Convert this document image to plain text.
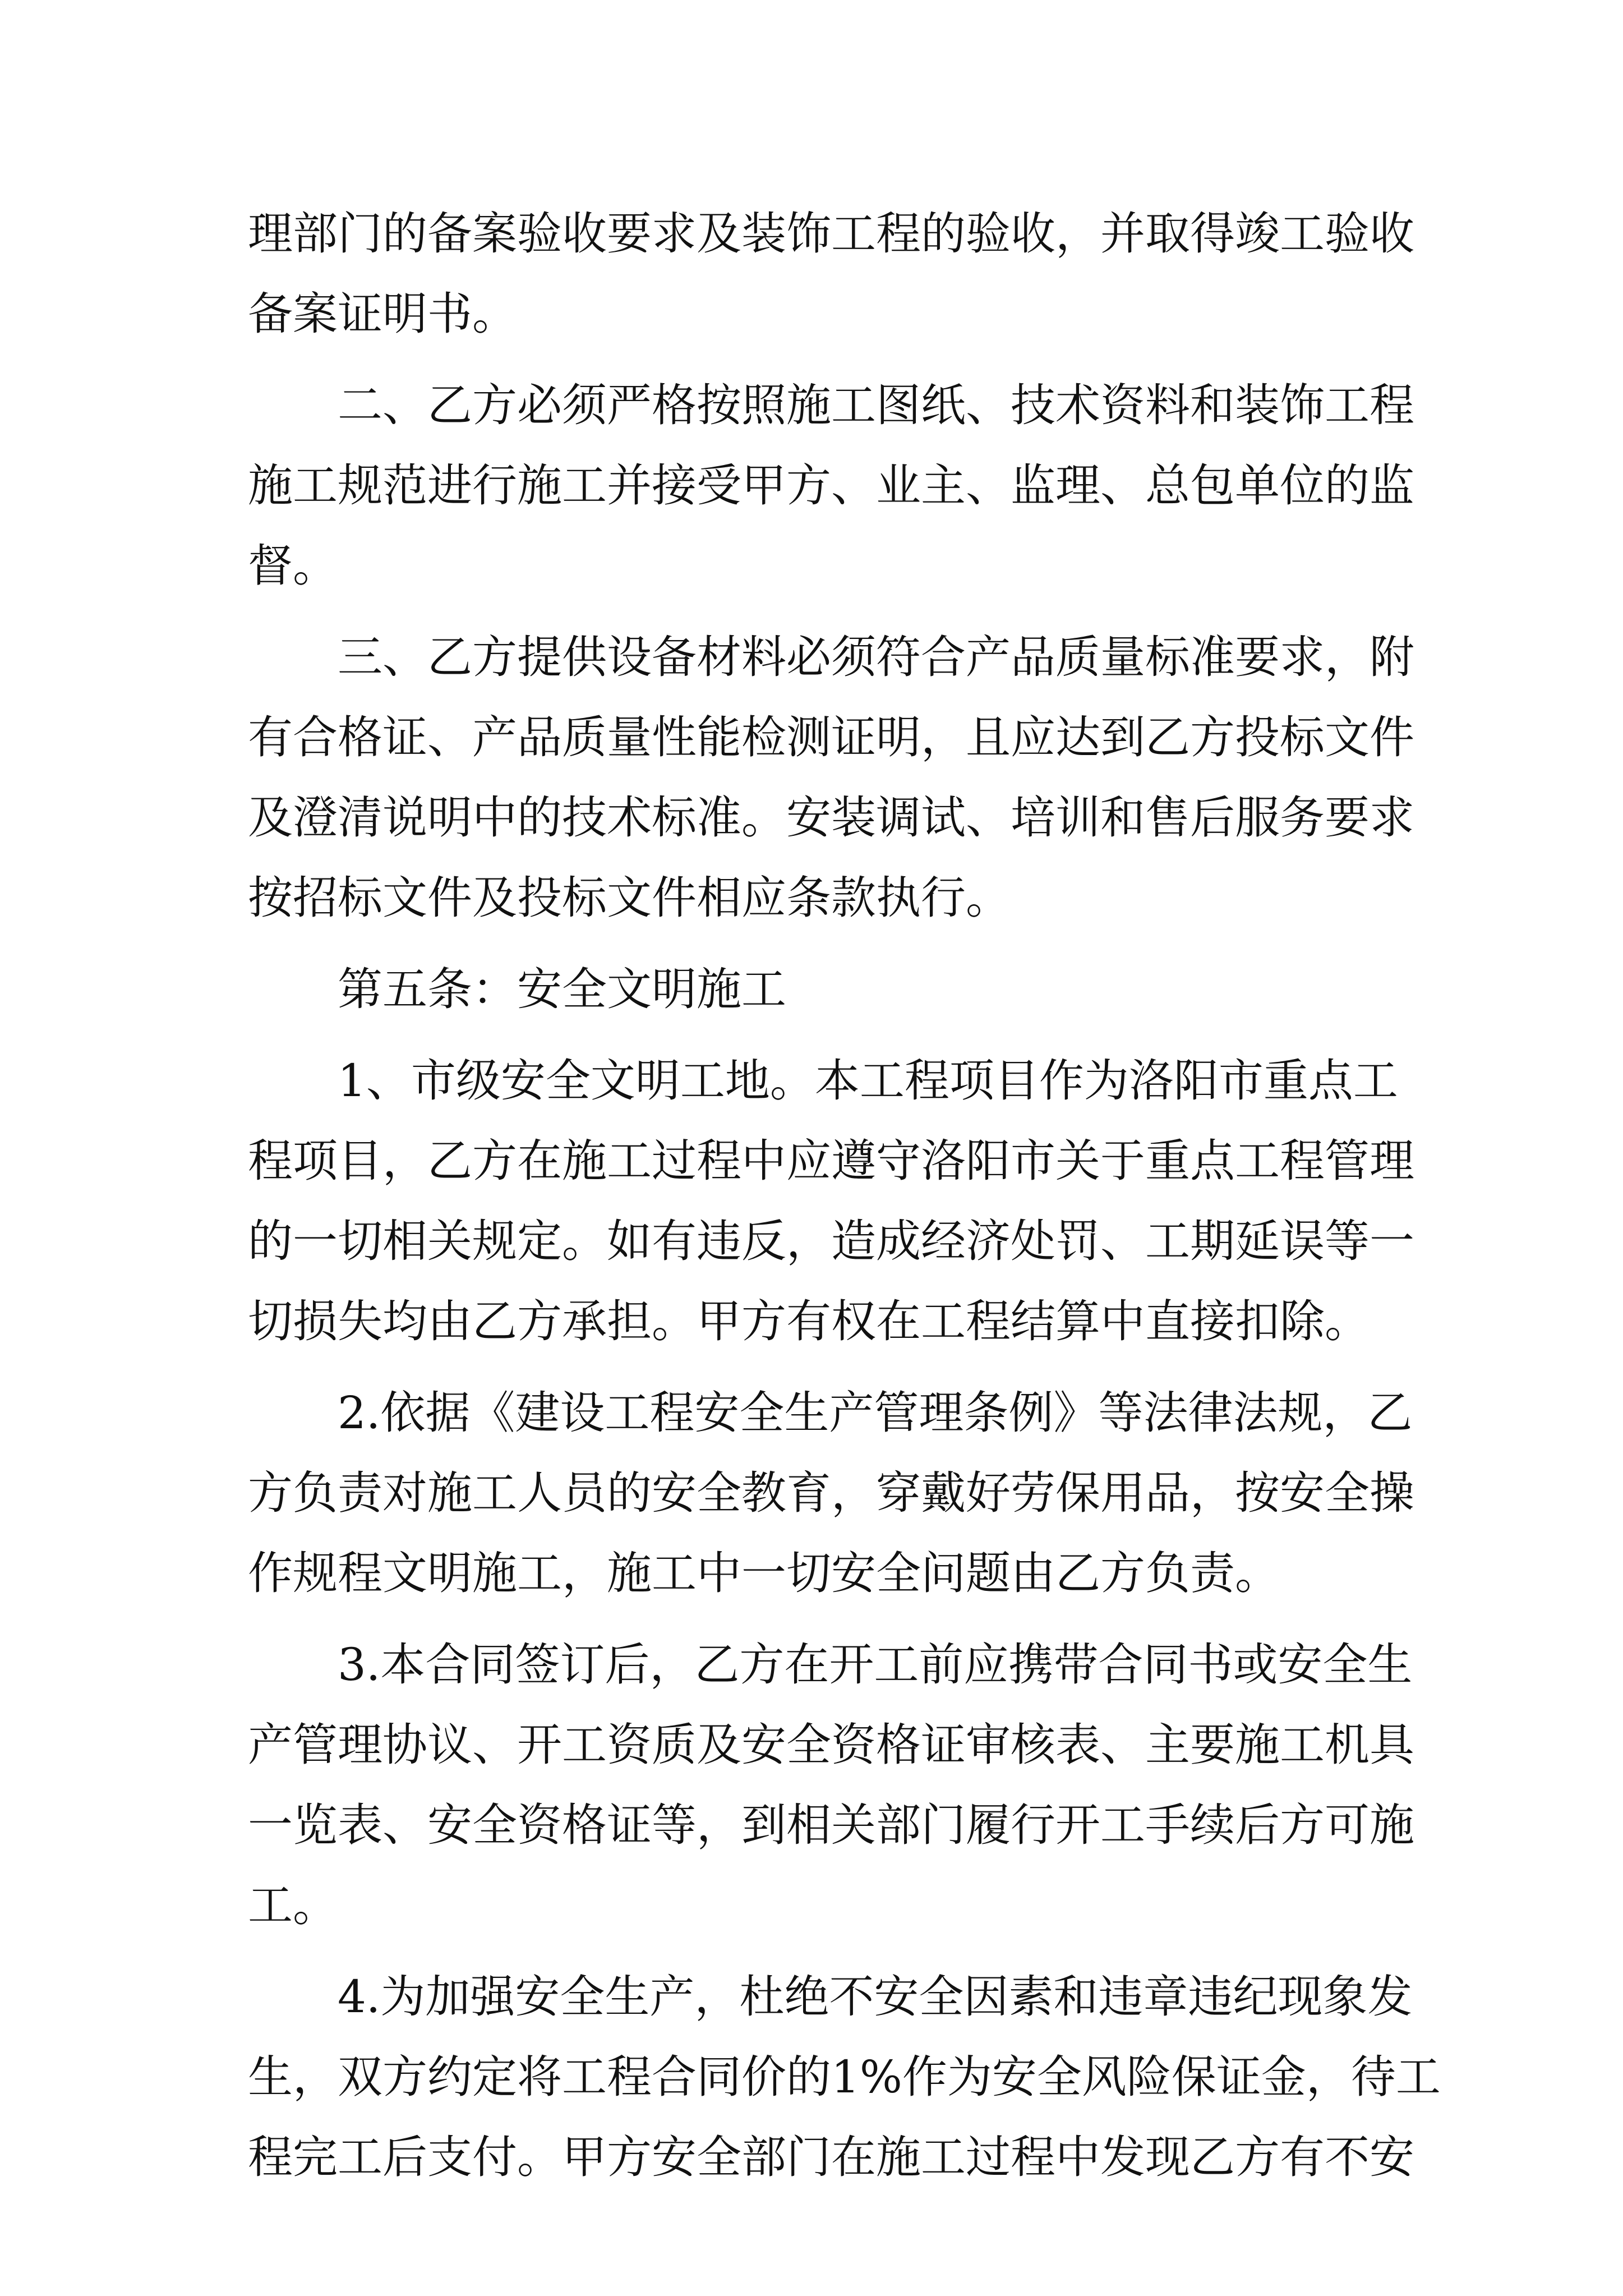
理部门的备案验收要求及装饰工程的验收，并取得竣工验收
备案证明书。
二、乙方必须严格按照施工图纸、技术资料和装饰工程
施工规范进行施工并接受甲方、业主、监理、总包单位的监
督。
三、乙方提供设备材料必须符合产品质量标准要求，附
有合格证、产品质量性能检测证明，且应达到乙方投标文件
及澄清说明中的技术标准。安装调试、培训和售后服务要求
按招标文件及投标文件相应条款执行。
第五条：安全文明施工
1、市级安全文明工地。本工程项目作为洛阳市重点工
程项目，乙方在施工过程中应遵守洛阳市关于重点工程管理
的一切相关规定。如有违反，造成经济处罚、工期延误等一
切损失均由乙方承担。甲方有权在工程结算中直接扣除。
2.依据《建设工程安全生产管理条例》等法律法规，乙
方负责对施工人员的安全教育，穿戴好劳保用品，按安全操
作规程文明施工，施工中一切安全问题由乙方负责。
3.本合同签订后，乙方在开工前应携带合同书或安全生
产管理协议、开工资质及安全资格证审核表、主要施工机具
一览表、安全资格证等，到相关部门履行开工手续后方可施
工。
4.为加强安全生产，杜绝不安全因素和违章违纪现象发
生，双方约定将工程合同价的1%作为安全风险保证金，待工
程完工后支付。甲方安全部门在施工过程中发现乙方有不安
